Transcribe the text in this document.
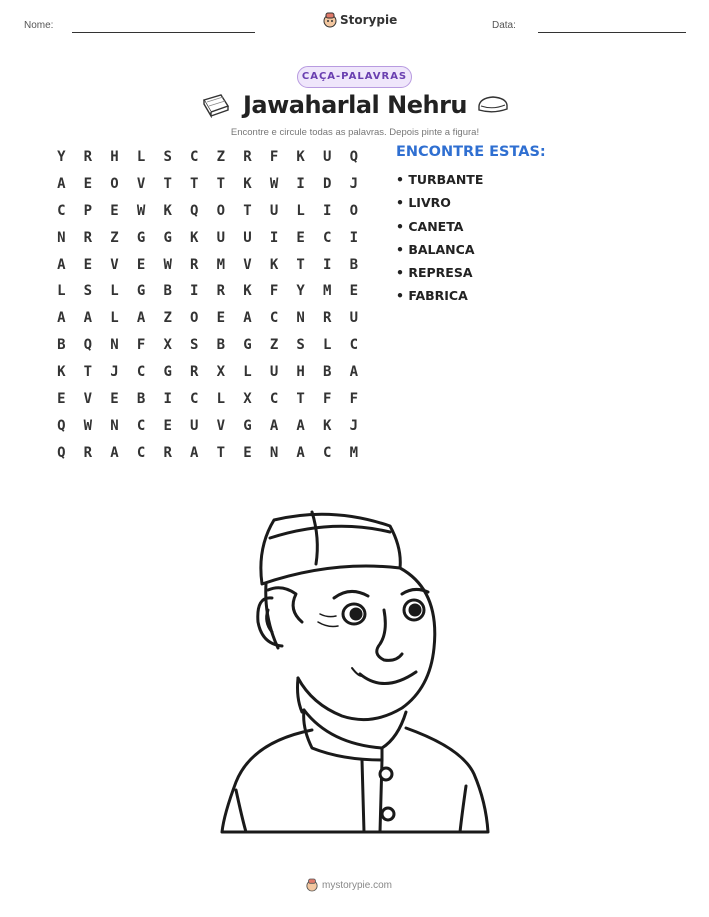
Nome:	Storypie	Data:
CAÇA-PALAVRAS
Jawaharlal Nehru
Encontre e circule todas as palavras. Depois pinte a figura!
Y	R	H	L	S	C	Z	R	F	K	U	Q
A	E	O	V	T	T	T	K	W	I	D	J
C	P	E	W	K	Q	O	T	U	L	I	O
N	R	Z	G	G	K	U	U	I	E	C	I
A	E	V	E	W	R	M	V	K	T	I	B
L	S	L	G	B	I	R	K	F	Y	M	E
A	A	L	A	Z	O	E	A	C	N	R	U
B	Q	N	F	X	S	B	G	Z	S	L	C
K	T	J	C	G	R	X	L	U	H	B	A
E	V	E	B	I	C	L	X	C	T	F	F
Q	W	N	C	E	U	V	G	A	A	K	J
Q	R	A	C	R	A	T	E	N	A	C	M
ENCONTRE ESTAS:
• TURBANTE
• LIVRO
• CANETA
• BALANCA
• REPRESA
• FABRICA
mystorypie.com
